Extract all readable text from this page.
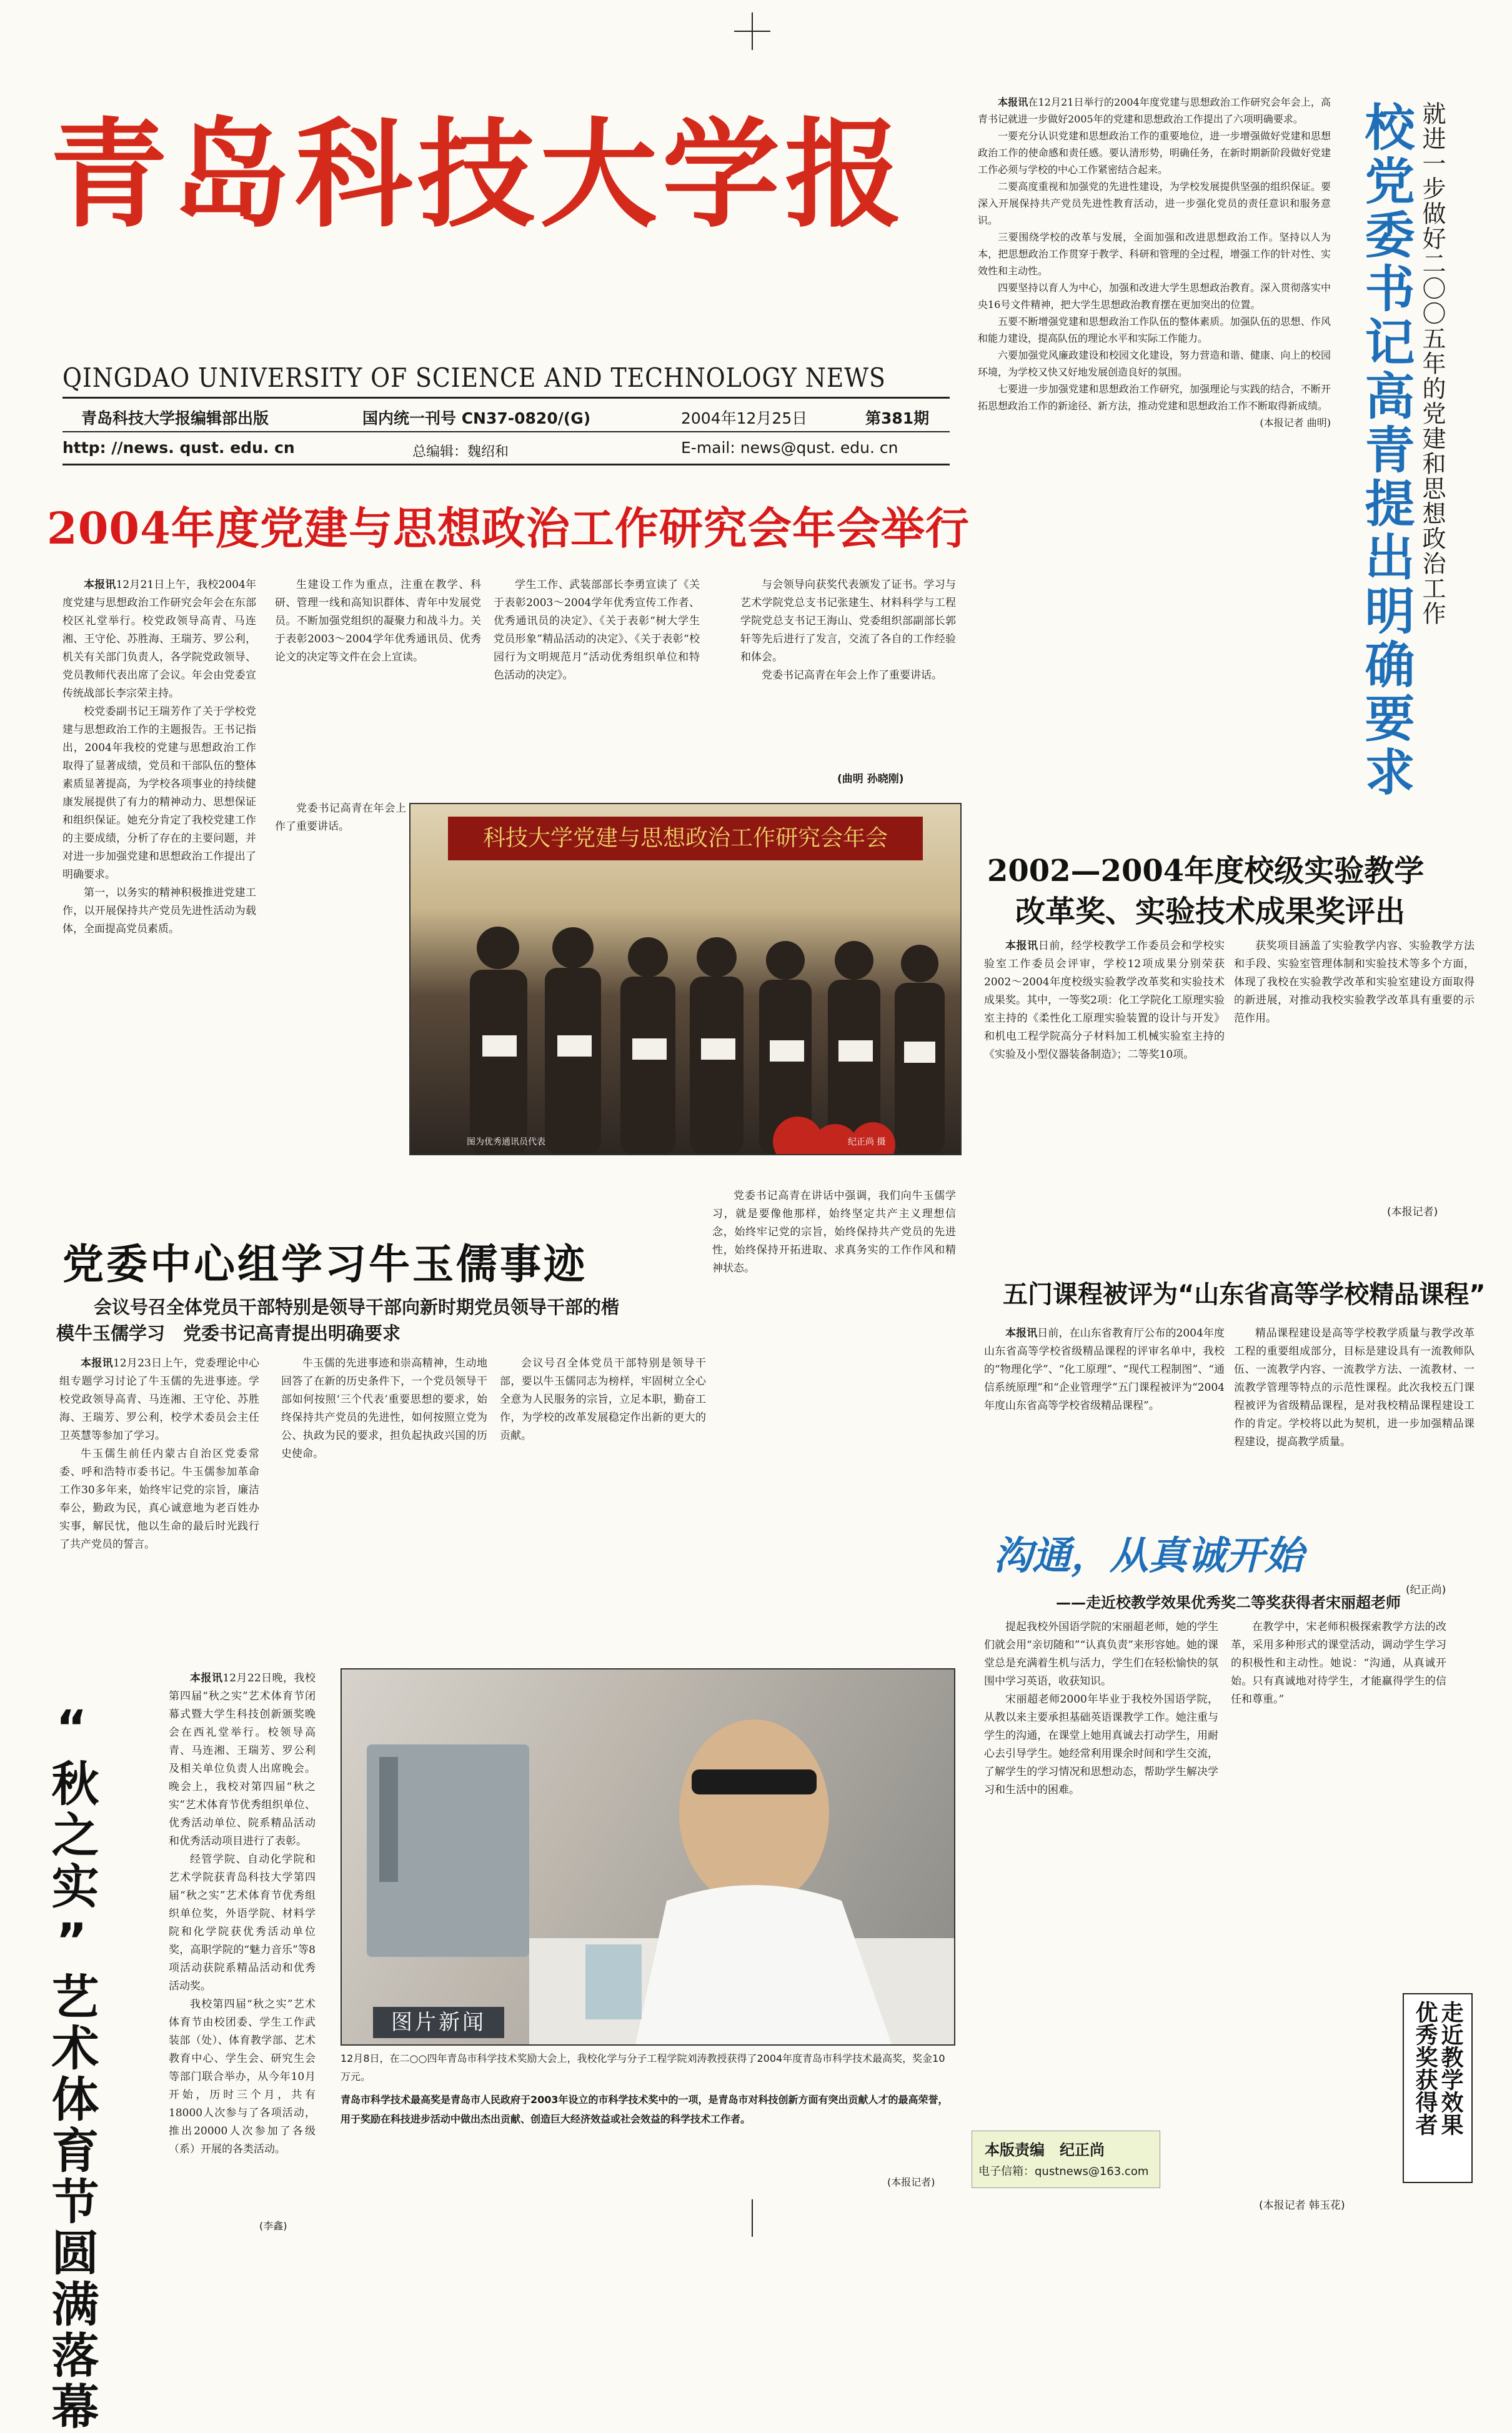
青岛科技大学报
QINGDAO UNIVERSITY OF SCIENCE AND TECHNOLOGY NEWS
青岛科技大学报编辑部出版	国内统一刊号 CN37-0820/(G)	2004年12月25日	第381期
http: //news. qust. edu. cn	总编辑：魏绍和	E-mail: news@qust. edu. cn

本报讯在12月21日举行的2004年度党建与思想政治工作研究会年会上，高青书记就进一步做好2005年的党建和思想政治工作提出了六项明确要求。

一要充分认识党建和思想政治工作的重要地位，进一步增强做好党建和思想政治工作的使命感和责任感。要认清形势，明确任务，在新时期新阶段做好党建工作必须与学校的中心工作紧密结合起来。

二要高度重视和加强党的先进性建设，为学校发展提供坚强的组织保证。要深入开展保持共产党员先进性教育活动，进一步强化党员的责任意识和服务意识。

三要围绕学校的改革与发展，全面加强和改进思想政治工作。坚持以人为本，把思想政治工作贯穿于教学、科研和管理的全过程，增强工作的针对性、实效性和主动性。

四要坚持以育人为中心，加强和改进大学生思想政治教育。深入贯彻落实中央16号文件精神，把大学生思想政治教育摆在更加突出的位置。

五要不断增强党建和思想政治工作队伍的整体素质。加强队伍的思想、作风和能力建设，提高队伍的理论水平和实际工作能力。

六要加强党风廉政建设和校园文化建设，努力营造和谐、健康、向上的校园环境，为学校又快又好地发展创造良好的氛围。

七要进一步加强党建和思想政治工作研究，加强理论与实践的结合，不断开拓思想政治工作的新途径、新方法，推动党建和思想政治工作不断取得新成绩。

(本报记者 曲明) 校党委书记高青提出明确要求 就进一步做好二〇〇五年的党建和思想政治工作
2004年度党建与思想政治工作研究会年会举行

本报讯12月21日上午，我校2004年度党建与思想政治工作研究会年会在东部校区礼堂举行。校党政领导高青、马连湘、王守伦、苏胜海、王瑞芳、罗公利，机关有关部门负责人，各学院党政领导、党员教师代表出席了会议。年会由党委宣传统战部长李宗荣主持。

校党委副书记王瑞芳作了关于学校党建与思想政治工作的主题报告。王书记指出，2004年我校的党建与思想政治工作取得了显著成绩，党员和干部队伍的整体素质显著提高，为学校各项事业的持续健康发展提供了有力的精神动力、思想保证和组织保证。她充分肯定了我校党建工作的主要成绩，分析了存在的主要问题，并对进一步加强党建和思想政治工作提出了明确要求。

第一，以务实的精神积极推进党建工作，以开展保持共产党员先进性活动为载体，全面提高党员素质。

生建设工作为重点，注重在教学、科研、管理一线和高知识群体、青年中发展党员。不断加强党组织的凝聚力和战斗力。关于表彰2003～2004学年优秀通讯员、优秀论文的决定等文件在会上宣读。

学生工作、武装部部长李勇宣读了《关于表彰2003～2004学年优秀宣传工作者、优秀通讯员的决定》、《关于表彰“树大学生党员形象”精品活动的决定》、《关于表彰“校园行为文明规范月”活动优秀组织单位和特色活动的决定》。

与会领导向获奖代表颁发了证书。学习与艺术学院党总支书记张建生、材料科学与工程学院党总支书记王海山、党委组织部副部长郭轩等先后进行了发言，交流了各自的工作经验和体会。

党委书记高青在年会上作了重要讲话。

(曲明 孙晓刚)

党委书记高青在年会上作了重要讲话。	科技大学党建与思想政治工作研究会年会
图为优秀通讯员代表	纪正尚 摄
2002—2004年度校级实验教学
改革奖、实验技术成果奖评出

本报讯日前，经学校教学工作委员会和学校实验室工作委员会评审，学校12项成果分别荣获2002～2004年度校级实验教学改革奖和实验技术成果奖。其中，一等奖2项：化工学院化工原理实验室主持的《柔性化工原理实验装置的设计与开发》和机电工程学院高分子材料加工机械实验室主持的《实验及小型仪器装备制造》；二等奖10项。

获奖项目涵盖了实验教学内容、实验教学方法和手段、实验室管理体制和实验技术等多个方面，体现了我校在实验教学改革和实验室建设方面取得的新进展，对推动我校实验教学改革具有重要的示范作用。

(本报记者)
党委中心组学习牛玉儒事迹
会议号召全体党员干部特别是领导干部向新时期党员领导干部的楷
模牛玉儒学习　党委书记高青提出明确要求

本报讯12月23日上午，党委理论中心组专题学习讨论了牛玉儒的先进事迹。学校党政领导高青、马连湘、王守伦、苏胜海、王瑞芳、罗公利，校学术委员会主任卫英慧等参加了学习。

牛玉儒生前任内蒙古自治区党委常委、呼和浩特市委书记。牛玉儒参加革命工作30多年来，始终牢记党的宗旨，廉洁奉公，勤政为民，真心诚意地为老百姓办实事，解民忧，他以生命的最后时光践行了共产党员的誓言。

牛玉儒的先进事迹和崇高精神，生动地回答了在新的历史条件下，一个党员领导干部如何按照‘三个代表’重要思想的要求，始终保持共产党员的先进性，如何按照立党为公、执政为民的要求，担负起执政兴国的历史使命。

会议号召全体党员干部特别是领导干部，要以牛玉儒同志为榜样，牢固树立全心全意为人民服务的宗旨，立足本职，勤奋工作，为学校的改革发展稳定作出新的更大的贡献。

党委书记高青在讲话中强调，我们向牛玉儒学习，就是要像他那样，始终坚定共产主义理想信念，始终牢记党的宗旨，始终保持共产党员的先进性，始终保持开拓进取、求真务实的工作作风和精神状态。

五门课程被评为“山东省高等学校精品课程”

本报讯日前，在山东省教育厅公布的2004年度山东省高等学校省级精品课程的评审名单中，我校的“物理化学”、“化工原理”、“现代工程制图”、“通信系统原理”和“企业管理学”五门课程被评为“2004年度山东省高等学校省级精品课程”。

精品课程建设是高等学校教学质量与教学改革工程的重要组成部分，目标是建设具有一流教师队伍、一流教学内容、一流教学方法、一流教材、一流教学管理等特点的示范性课程。此次我校五门课程被评为省级精品课程，是对我校精品课程建设工作的肯定。学校将以此为契机，进一步加强精品课程建设，提高教学质量。

(纪正尚)
沟通，从真诚开始
——走近校教学效果优秀奖二等奖获得者宋丽超老师

提起我校外国语学院的宋丽超老师，她的学生们就会用“亲切随和”“认真负责”来形容她。她的课堂总是充满着生机与活力，学生们在轻松愉快的氛围中学习英语，收获知识。

宋丽超老师2000年毕业于我校外国语学院，从教以来主要承担基础英语课教学工作。她注重与学生的沟通，在课堂上她用真诚去打动学生，用耐心去引导学生。她经常利用课余时间和学生交流，了解学生的学习情况和思想动态，帮助学生解决学习和生活中的困难。

在教学中，宋老师积极探索教学方法的改革，采用多种形式的课堂活动，调动学生学习的积极性和主动性。她说：“沟通，从真诚开始。只有真诚地对待学生，才能赢得学生的信任和尊重。”

走近教学效果
优秀奖获得者
(本报记者 韩玉花)
“秋之实”艺术体育节圆满落幕

本报讯12月22日晚，我校第四届“秋之实”艺术体育节闭幕式暨大学生科技创新颁奖晚会在西礼堂举行。校领导高青、马连湘、王瑞芳、罗公利及相关单位负责人出席晚会。晚会上，我校对第四届“秋之实”艺术体育节优秀组织单位、优秀活动单位、院系精品活动和优秀活动项目进行了表彰。

经管学院、自动化学院和艺术学院获青岛科技大学第四届“秋之实”艺术体育节优秀组织单位奖，外语学院、材料学院和化学院获优秀活动单位奖，高职学院的“魅力音乐”等8项活动获院系精品活动和优秀活动奖。

我校第四届“秋之实”艺术体育节由校团委、学生工作武装部（处）、体育教学部、艺术教育中心、学生会、研究生会等部门联合举办，从今年10月开始，历时三个月，共有18000人次参与了各项活动，推出20000人次参加了各级（系）开展的各类活动。

(李鑫)
图片新闻
12月8日，在二○○四年青岛市科学技术奖励大会上，我校化学与分子工程学院刘涛教授获得了2004年度青岛市科学技术最高奖，奖金10万元。
青岛市科学技术最高奖是青岛市人民政府于2003年设立的市科学技术奖中的一项，是青岛市对科技创新方面有突出贡献人才的最高荣誉，用于奖励在科技进步活动中做出杰出贡献、创造巨大经济效益或社会效益的科学技术工作者。
(本报记者)
本版责编　纪正尚
电子信箱：qustnews@163.com
